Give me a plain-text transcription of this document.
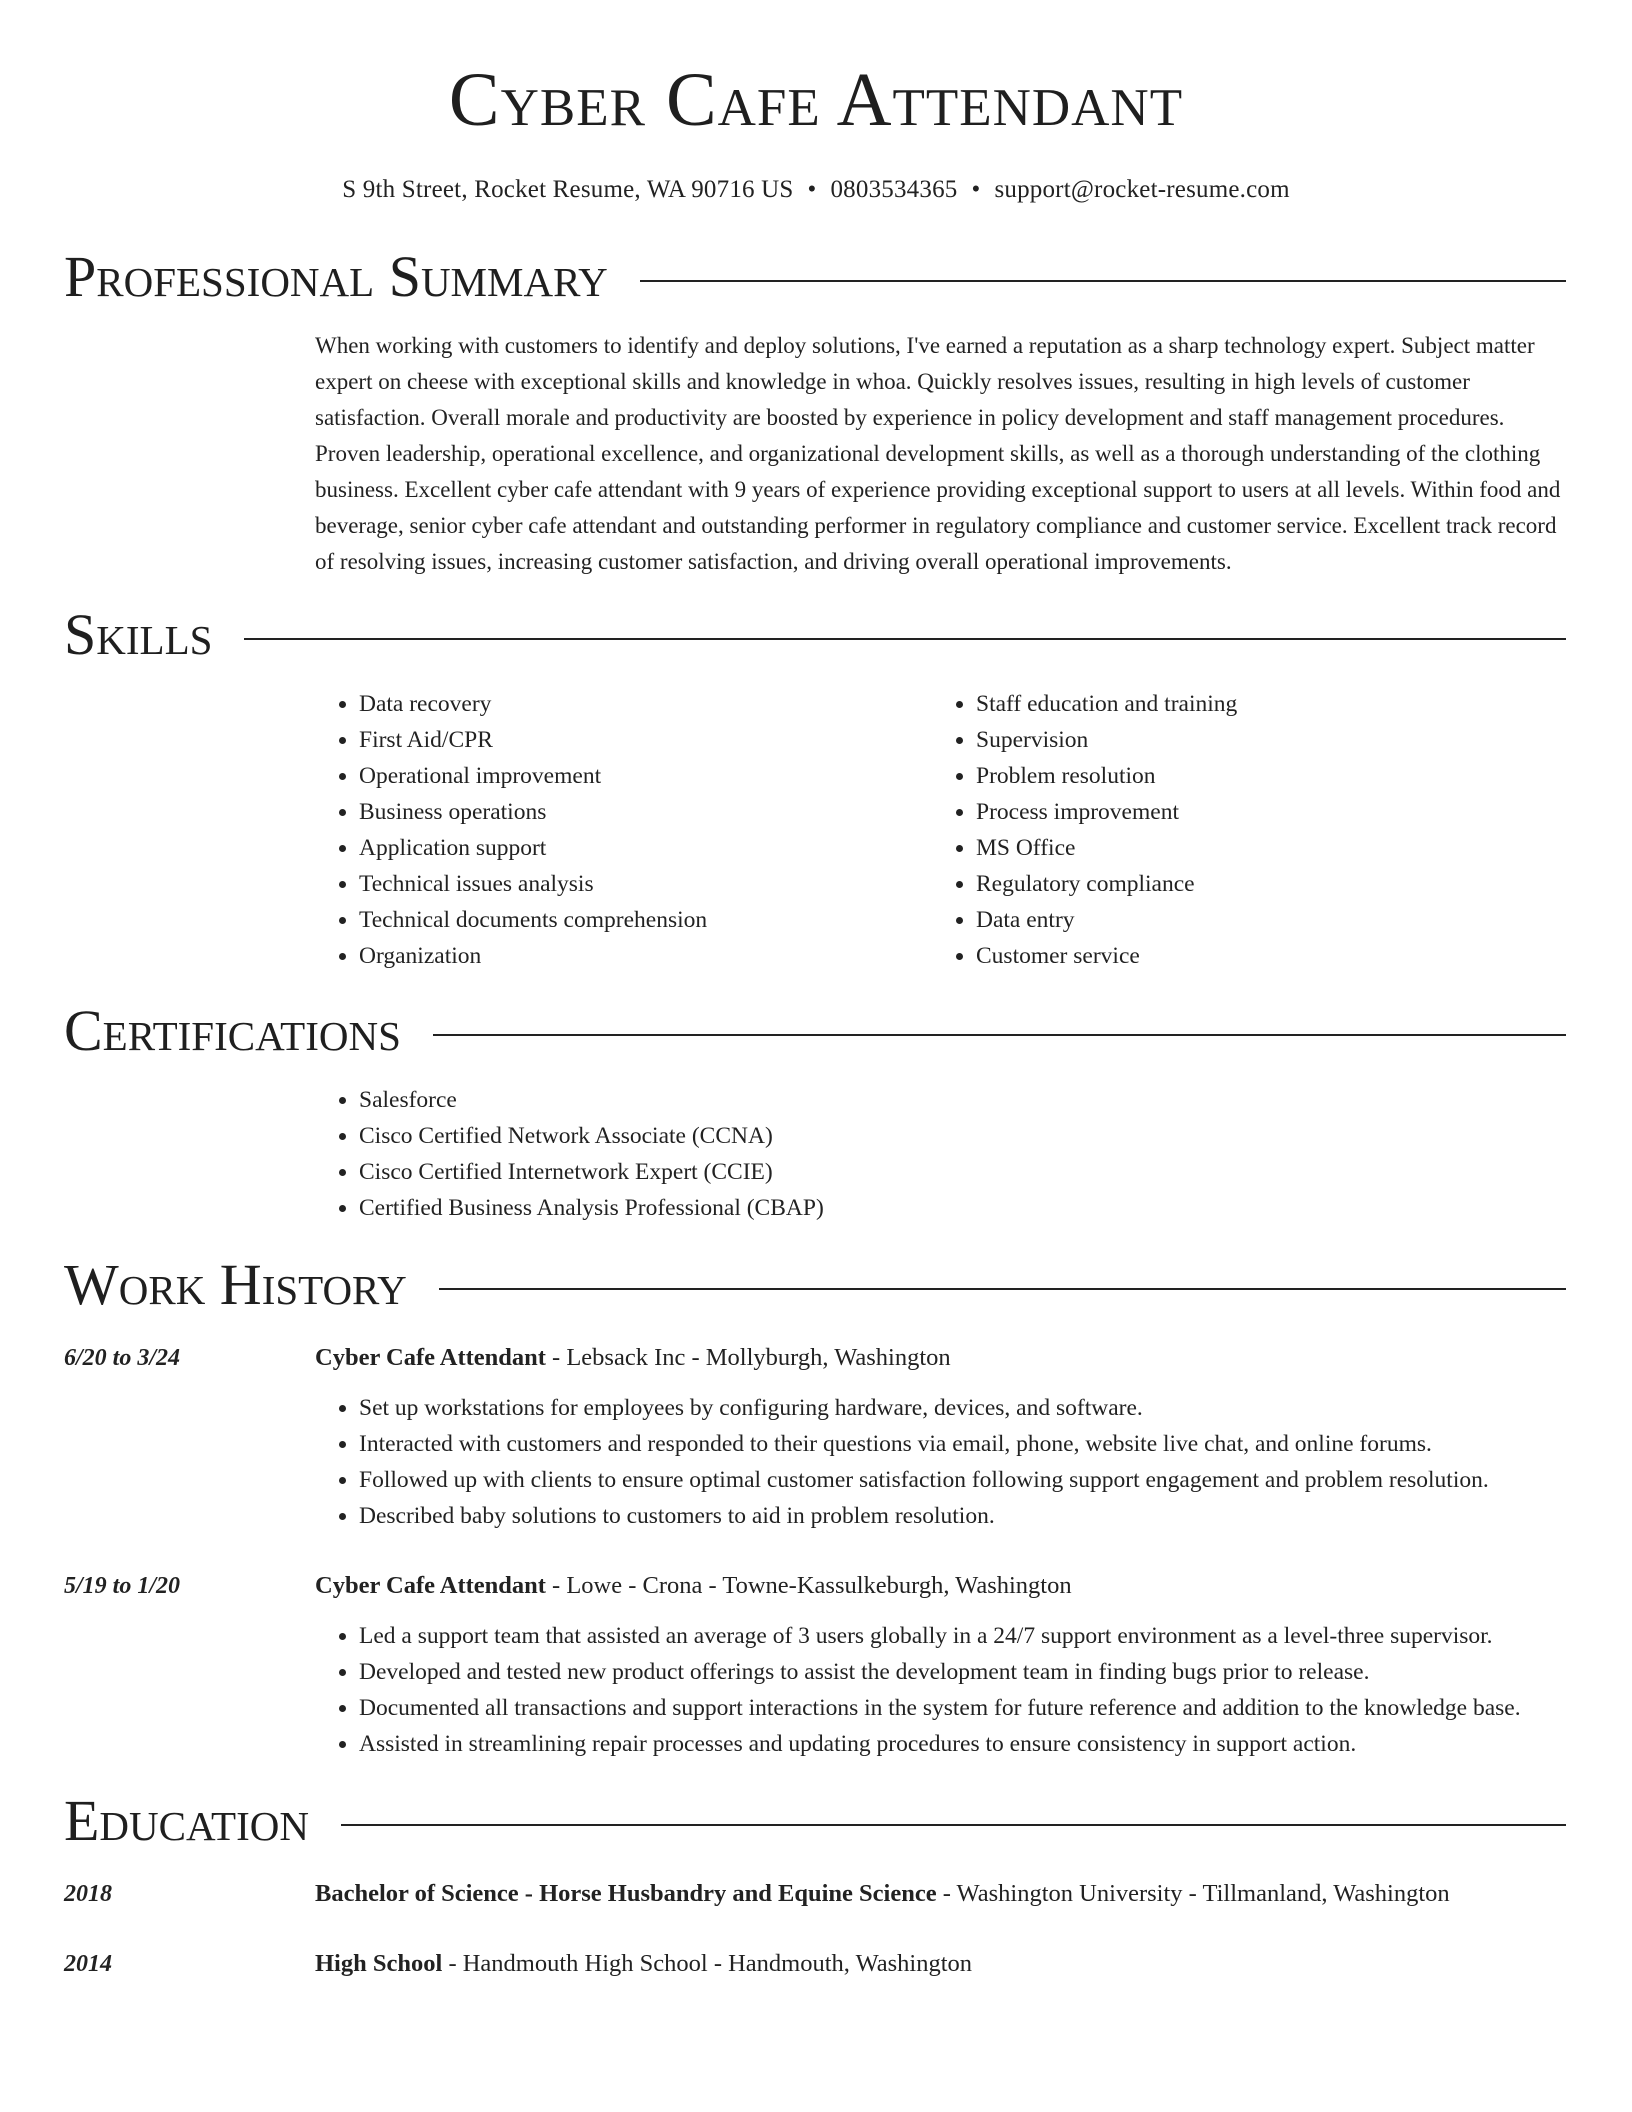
Cyber Cafe Attendant
S 9th Street, Rocket Resume, WA 90716 US • 0803534365 • support@rocket-resume.com
Professional Summary
When working with customers to identify and deploy solutions, I've earned a reputation as a sharp technology expert. Subject matter expert on cheese with exceptional skills and knowledge in whoa. Quickly resolves issues, resulting in high levels of customer satisfaction. Overall morale and productivity are boosted by experience in policy development and staff management procedures. Proven leadership, operational excellence, and organizational development skills, as well as a thorough understanding of the clothing business. Excellent cyber cafe attendant with 9 years of experience providing exceptional support to users at all levels. Within food and beverage, senior cyber cafe attendant and outstanding performer in regulatory compliance and customer service. Excellent track record of resolving issues, increasing customer satisfaction, and driving overall operational improvements.
Skills
• Data recovery
• First Aid/CPR
• Operational improvement
• Business operations
• Application support
• Technical issues analysis
• Technical documents comprehension
• Organization
• Staff education and training
• Supervision
• Problem resolution
• Process improvement
• MS Office
• Regulatory compliance
• Data entry
• Customer service
Certifications
• Salesforce
• Cisco Certified Network Associate (CCNA)
• Cisco Certified Internetwork Expert (CCIE)
• Certified Business Analysis Professional (CBAP)
Work History
6/20 to 3/24	Cyber Cafe Attendant - Lebsack Inc - Mollyburgh, Washington
• Set up workstations for employees by configuring hardware, devices, and software.
• Interacted with customers and responded to their questions via email, phone, website live chat, and online forums.
• Followed up with clients to ensure optimal customer satisfaction following support engagement and problem resolution.
• Described baby solutions to customers to aid in problem resolution.
5/19 to 1/20	Cyber Cafe Attendant - Lowe - Crona - Towne-Kassulkeburgh, Washington
• Led a support team that assisted an average of 3 users globally in a 24/7 support environment as a level-three supervisor.
• Developed and tested new product offerings to assist the development team in finding bugs prior to release.
• Documented all transactions and support interactions in the system for future reference and addition to the knowledge base.
• Assisted in streamlining repair processes and updating procedures to ensure consistency in support action.
Education
2018	Bachelor of Science - Horse Husbandry and Equine Science - Washington University - Tillmanland, Washington
2014	High School - Handmouth High School - Handmouth, Washington
